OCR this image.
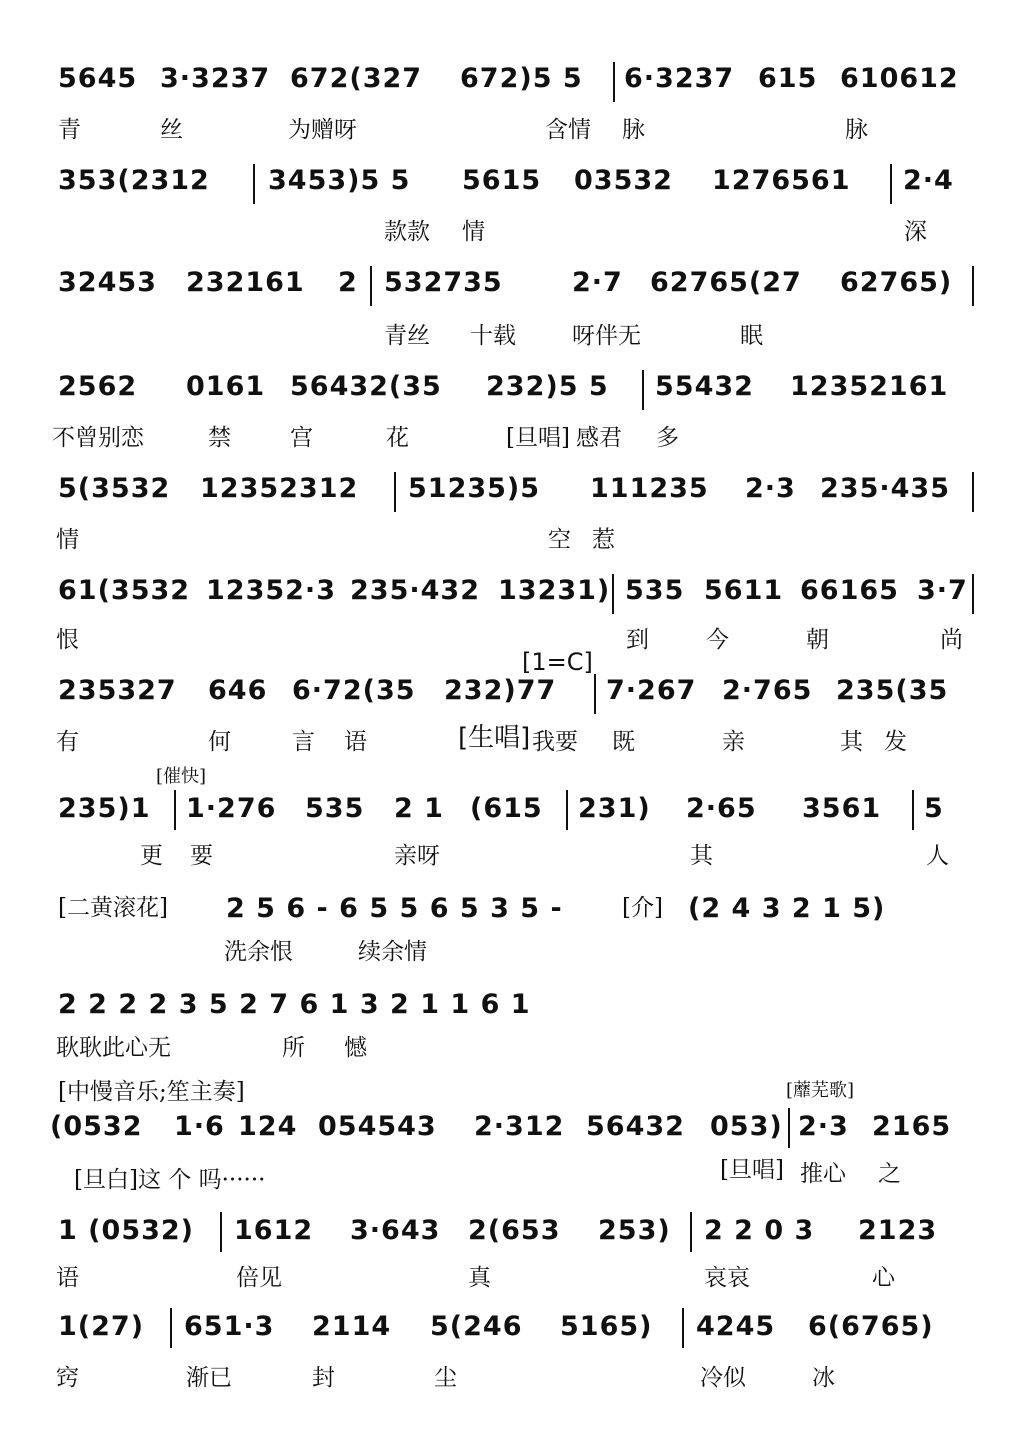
5645 3·3237 672(327 672)5 5 6·3237 615 610612
青	丝	为赠呀	含情 脉	脉
353(2312 3453)5 5 5615 03532 1276561 2·4
款款 情	深
32453 232161 2 532735	2·7 62765(27 62765)
青丝 十载 呀伴无	眠
2562 0161 56432(35 232)5 5 55432 12352161
不曾别恋	禁	宫	花	[旦唱] 感君 多
5(3532 12352312 51235)5 111235 2·3 235·435
情	空 惹
61(3532 12352·3 235·432 13231) 535 5611 66165 3·7
恨	到 今	朝	尚
[1=C]
235327 646 6·72(35 232)77 7·267 2·765 235(35
有	何	言 语	[生唱] 我要 既	亲	其 发
[催快]
235)1 1·276 535 2 1 (615 231) 2·65 3561 5
更 要	亲呀	其	人
[二黄滚花] 2 5 6 - 6 5 5 6 5 3 5 -	[介] (2 4 3 2 1 5)
洗余恨	续余情
2 2 2 2 3 5 2 7 6 1 3 2 1 1 6 1
耿耿此心无	所 憾
[中慢音乐;笙主奏]	[蘼芜歌]
(0532 1·6 124 054543 2·312 56432 053) 2·3 2165
[旦白]这 个 吗······	[旦唱] 推心 之
1 (0532) 1612 3·643 2(653 253) 2 2 0 3 2123
语	倍见	真	哀哀	心
1(27) 651·3 2114 5(246 5165) 4245 6(6765)
窍	渐已	封	尘	冷似	冰
